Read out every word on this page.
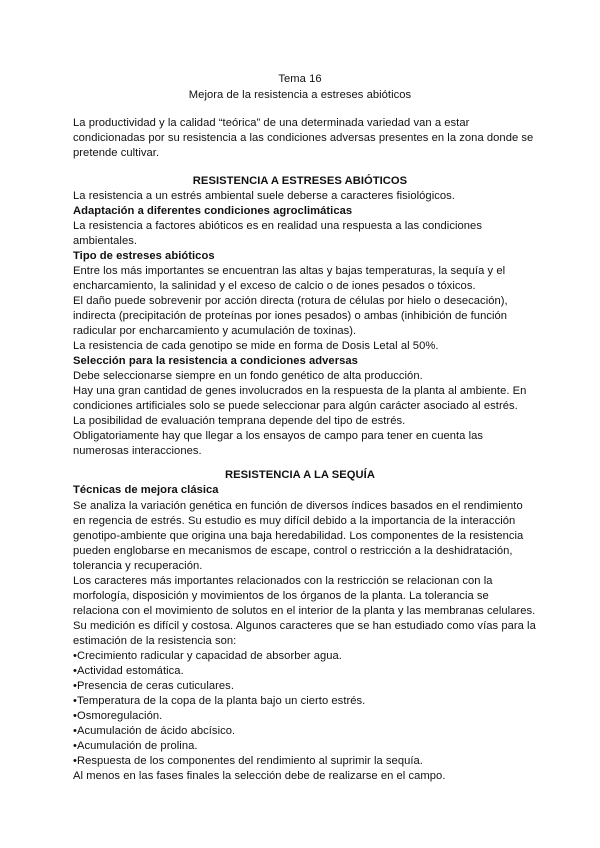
Tema 16
Mejora de la resistencia a estreses abióticos
La productividad y la calidad “teórica” de una determinada variedad van a estar
condicionadas por su resistencia a las condiciones adversas presentes en la zona donde se
pretende cultivar.
RESISTENCIA A ESTRESES ABIÓTICOS
La resistencia a un estrés ambiental suele deberse a caracteres fisiológicos.
Adaptación a diferentes condiciones agroclimáticas
La resistencia a factores abióticos es en realidad una respuesta a las condiciones
ambientales.
Tipo de estreses abióticos
Entre los más importantes se encuentran las altas y bajas temperaturas, la sequía y el
encharcamiento, la salinidad y el exceso de calcio o de iones pesados o tóxicos.
El daño puede sobrevenir por acción directa (rotura de células por hielo o desecación),
indirecta (precipitación de proteínas por iones pesados) o ambas (inhibición de función
radicular por encharcamiento y acumulación de toxinas).
La resistencia de cada genotipo se mide en forma de Dosis Letal al 50%.
Selección para la resistencia a condiciones adversas
Debe seleccionarse siempre en un fondo genético de alta producción.
Hay una gran cantidad de genes involucrados en la respuesta de la planta al ambiente. En
condiciones artificiales solo se puede seleccionar para algún carácter asociado al estrés.
La posibilidad de evaluación temprana depende del tipo de estrés.
Obligatoriamente hay que llegar a los ensayos de campo para tener en cuenta las
numerosas interacciones.
RESISTENCIA A LA SEQUÍA
Técnicas de mejora clásica
Se analiza la variación genética en función de diversos índices basados en el rendimiento
en regencia de estrés. Su estudio es muy difícil debido a la importancia de la interacción
genotipo-ambiente que origina una baja heredabilidad. Los componentes de la resistencia
pueden englobarse en mecanismos de escape, control o restricción a la deshidratación,
tolerancia y recuperación.
Los caracteres más importantes relacionados con la restricción se relacionan con la
morfología, disposición y movimientos de los órganos de la planta. La tolerancia se
relaciona con el movimiento de solutos en el interior de la planta y las membranas celulares.
Su medición es difícil y costosa. Algunos caracteres que se han estudiado como vías para la
estimación de la resistencia son:
•Crecimiento radicular y capacidad de absorber agua.
•Actividad estomática.
•Presencia de ceras cuticulares.
•Temperatura de la copa de la planta bajo un cierto estrés.
•Osmoregulación.
•Acumulación de ácido abcísico.
•Acumulación de prolina.
•Respuesta de los componentes del rendimiento al suprimir la sequía.
Al menos en las fases finales la selección debe de realizarse en el campo.
